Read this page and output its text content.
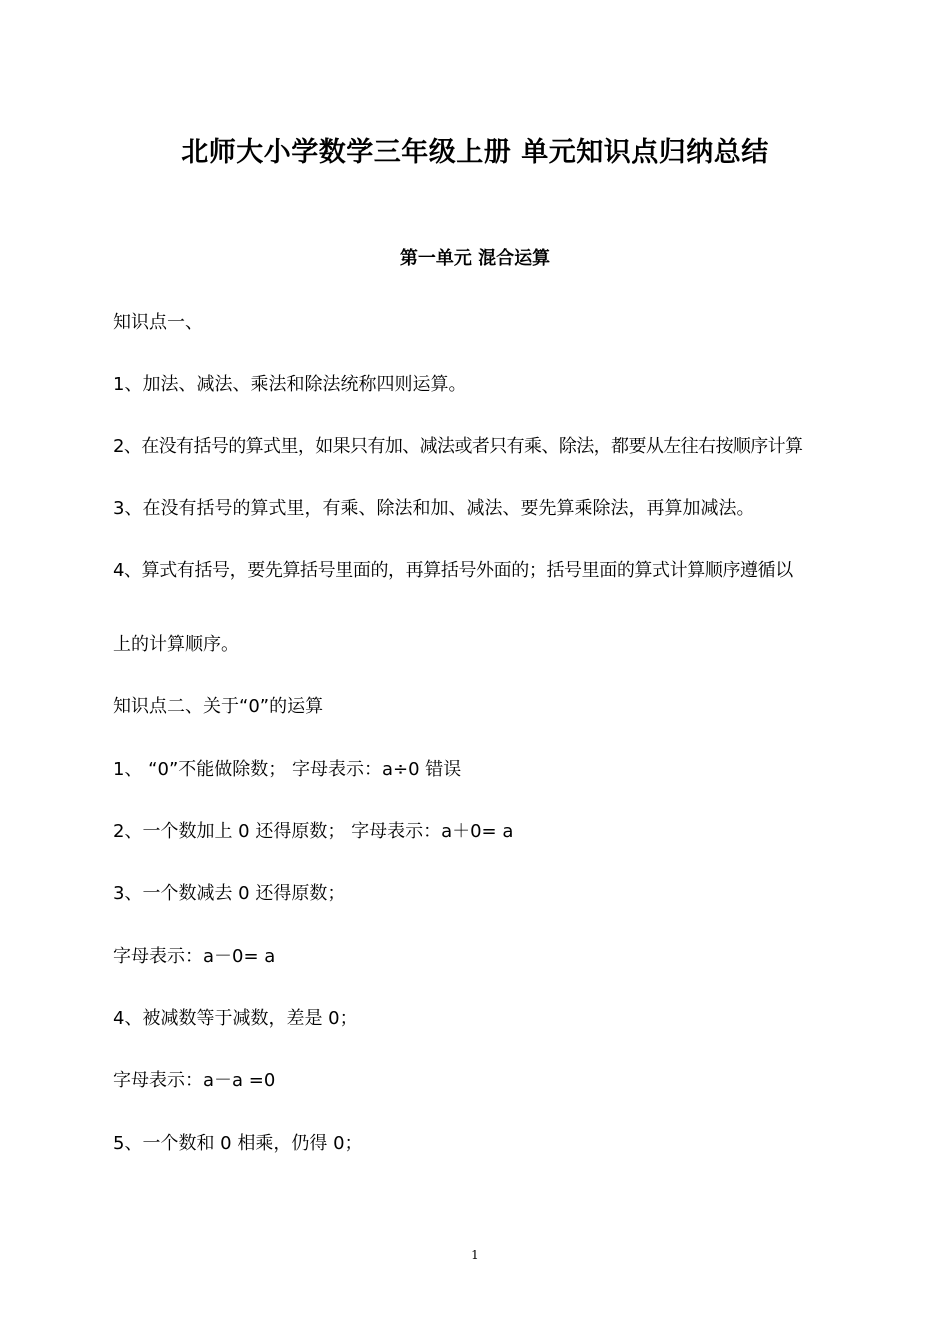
北师大小学数学三年级上册 单元知识点归纳总结
第一单元 混合运算
知识点一、
1、加法、减法、乘法和除法统称四则运算。
2、在没有括号的算式里，如果只有加、减法或者只有乘、除法，都要从左往右按顺序计算
3、在没有括号的算式里，有乘、除法和加、减法、要先算乘除法，再算加减法。
4、算式有括号，要先算括号里面的，再算括号外面的；括号里面的算式计算顺序遵循以
上的计算顺序。
知识点二、关于“0”的运算
1、 “0”不能做除数； 字母表示：a÷0 错误
2、一个数加上 0 还得原数； 字母表示：a＋0= a
3、一个数减去 0 还得原数；
字母表示：a－0= a
4、被减数等于减数，差是 0；
字母表示：a－a =0
5、一个数和 0 相乘，仍得 0；
1
